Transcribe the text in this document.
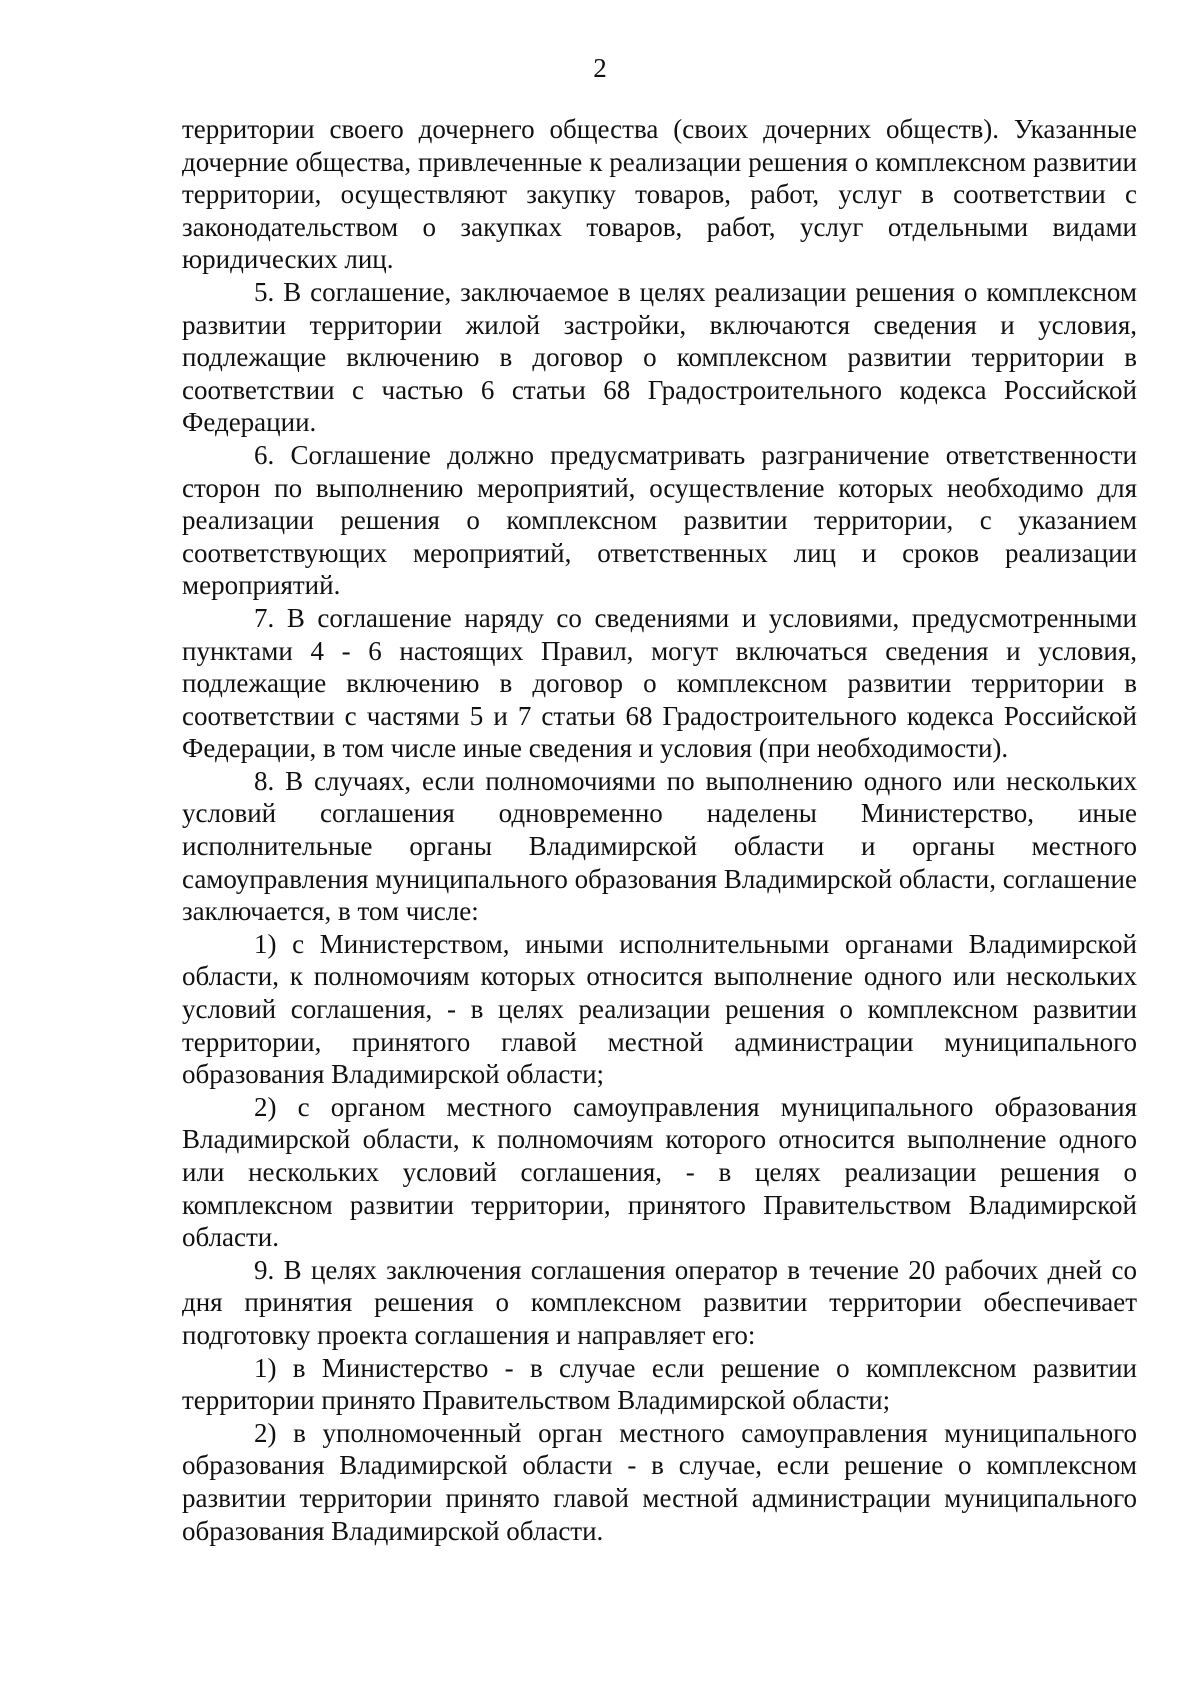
2

территории своего дочернего общества (своих дочерних обществ). Указанные дочерние общества, привлеченные к реализации решения о комплексном развитии территории, осуществляют закупку товаров, работ, услуг в соответствии с законодательством о закупках товаров, работ, услуг отдельными видами юридических лиц.

5. В соглашение, заключаемое в целях реализации решения о комплексном развитии территории жилой застройки, включаются сведения и условия, подлежащие включению в договор о комплексном развитии территории в соответствии с частью 6 статьи 68 Градостроительного кодекса Российской Федерации.

6. Соглашение должно предусматривать разграничение ответственности сторон по выполнению мероприятий, осуществление которых необходимо для реализации решения о комплексном развитии территории, с указанием соответствующих мероприятий, ответственных лиц и сроков реализации мероприятий.

7. В соглашение наряду со сведениями и условиями, предусмотренными пунктами 4 - 6 настоящих Правил, могут включаться сведения и условия, подлежащие включению в договор о комплексном развитии территории в соответствии с частями 5 и 7 статьи 68 Градостроительного кодекса Российской Федерации, в том числе иные сведения и условия (при необходимости).

8. В случаях, если полномочиями по выполнению одного или нескольких условий соглашения одновременно наделены Министерство, иные исполнительные органы Владимирской области и органы местного самоуправления муниципального образования Владимирской области, соглашение заключается, в том числе:

1) с Министерством, иными исполнительными органами Владимирской области, к полномочиям которых относится выполнение одного или нескольких условий соглашения, - в целях реализации решения о комплексном развитии территории, принятого главой местной администрации муниципального образования Владимирской области;

2) с органом местного самоуправления муниципального образования Владимирской области, к полномочиям которого относится выполнение одного или нескольких условий соглашения, - в целях реализации решения о комплексном развитии территории, принятого Правительством Владимирской области.

9. В целях заключения соглашения оператор в течение 20 рабочих дней со дня принятия решения о комплексном развитии территории обеспечивает подготовку проекта соглашения и направляет его:

1) в Министерство - в случае если решение о комплексном развитии территории принято Правительством Владимирской области;

2) в уполномоченный орган местного самоуправления муниципального образования Владимирской области - в случае, если решение о комплексном развитии территории принято главой местной администрации муниципального образования Владимирской области.
